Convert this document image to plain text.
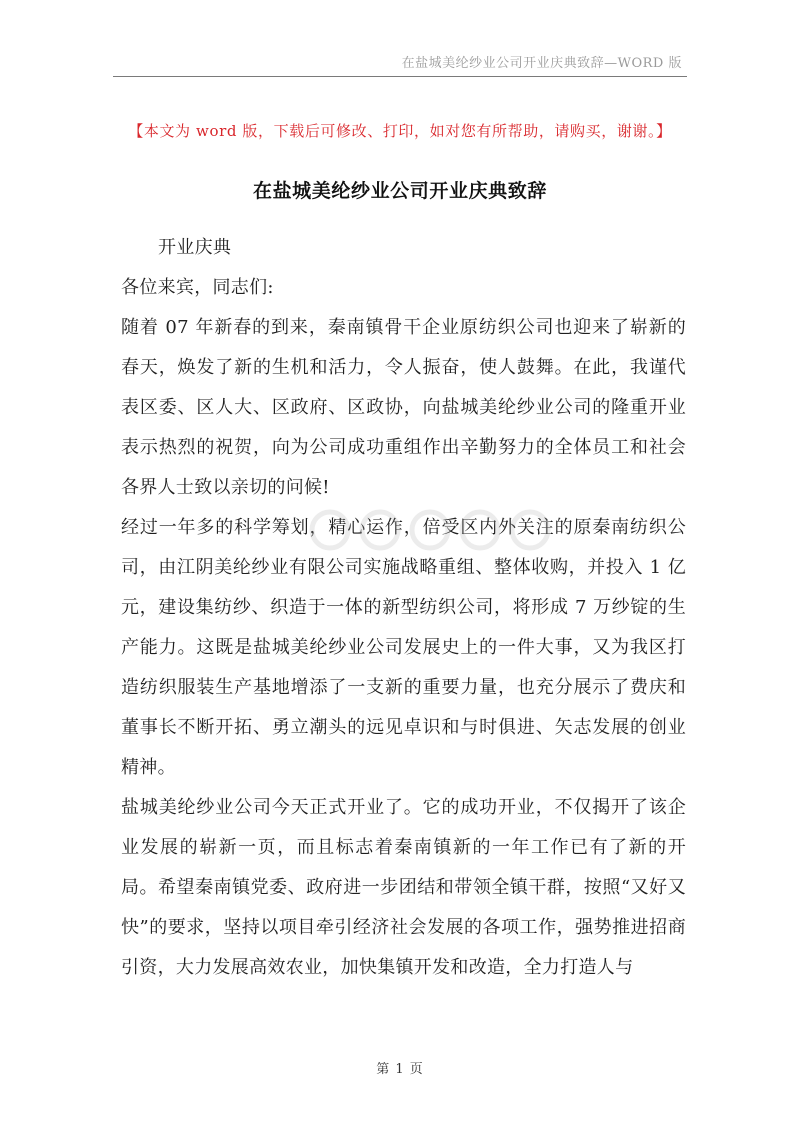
在盐城美纶纱业公司开业庆典致辞—WORD 版
【本文为 word 版，下载后可修改、打印，如对您有所帮助，请购买，谢谢。】
在盐城美纶纱业公司开业庆典致辞

开业庆典

各位来宾，同志们:

随着 07 年新春的到来，秦南镇骨干企业原纺织公司也迎来了崭新的春天，焕发了新的生机和活力，令人振奋，使人鼓舞。在此，我谨代表区委、区人大、区政府、区政协，向盐城美纶纱业公司的隆重开业表示热烈的祝贺，向为公司成功重组作出辛勤努力的全体员工和社会各界人士致以亲切的问候!

经过一年多的科学筹划，精心运作，倍受区内外关注的原秦南纺织公司，由江阴美纶纱业有限公司实施战略重组、整体收购，并投入 1 亿元，建设集纺纱、织造于一体的新型纺织公司，将形成 7 万纱锭的生产能力。这既是盐城美纶纱业公司发展史上的一件大事，又为我区打造纺织服装生产基地增添了一支新的重要力量，也充分展示了费庆和董事长不断开拓、勇立潮头的远见卓识和与时俱进、矢志发展的创业精神。

盐城美纶纱业公司今天正式开业了。它的成功开业，不仅揭开了该企业发展的崭新一页，而且标志着秦南镇新的一年工作已有了新的开局。希望秦南镇党委、政府进一步团结和带领全镇干群，按照“又好又快”的要求，坚持以项目牵引经济社会发展的各项工作，强势推进招商引资，大力发展高效农业，加快集镇开发和改造，全力打造人与

第 1 页
